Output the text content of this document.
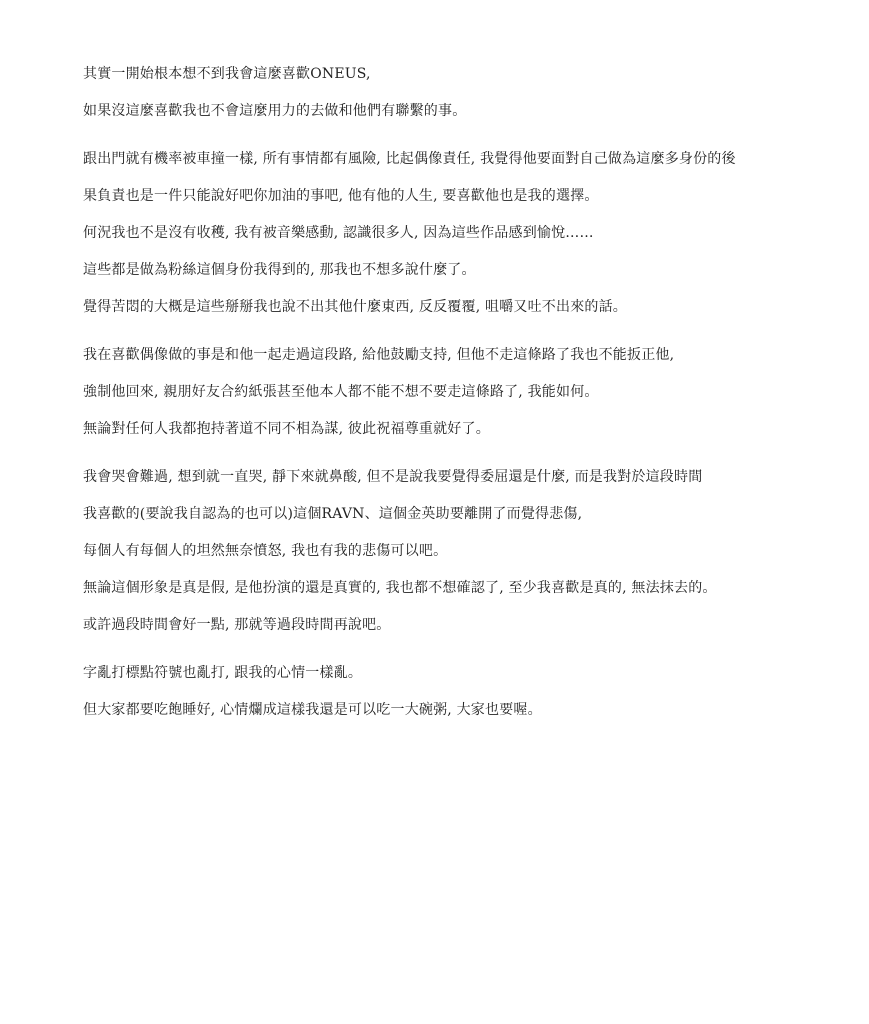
其實一開始根本想不到我會這麼喜歡ONEUS,
如果沒這麼喜歡我也不會這麼用力的去做和他們有聯繫的事。
跟出門就有機率被車撞一樣, 所有事情都有風險, 比起偶像責任, 我覺得他要面對自己做為這麼多身份的後
果負責也是一件只能說好吧你加油的事吧, 他有他的人生, 要喜歡他也是我的選擇。
何況我也不是沒有收穫, 我有被音樂感動, 認識很多人, 因為這些作品感到愉悅……
這些都是做為粉絲這個身份我得到的, 那我也不想多說什麼了。
覺得苦悶的大概是這些掰掰我也說不出其他什麼東西, 反反覆覆, 咀嚼又吐不出來的話。
我在喜歡偶像做的事是和他一起走過這段路, 給他鼓勵支持, 但他不走這條路了我也不能扳正他,
強制他回來, 親朋好友合約紙張甚至他本人都不能不想不要走這條路了, 我能如何。
無論對任何人我都抱持著道不同不相為謀, 彼此祝福尊重就好了。
我會哭會難過, 想到就一直哭, 靜下來就鼻酸, 但不是說我要覺得委屈還是什麼, 而是我對於這段時間
我喜歡的(要說我自認為的也可以)這個RAVN、這個金英助要離開了而覺得悲傷,
每個人有每個人的坦然無奈憤怒, 我也有我的悲傷可以吧。
無論這個形象是真是假, 是他扮演的還是真實的, 我也都不想確認了, 至少我喜歡是真的, 無法抹去的。
或許過段時間會好一點, 那就等過段時間再說吧。
字亂打標點符號也亂打, 跟我的心情一樣亂。
但大家都要吃飽睡好, 心情爛成這樣我還是可以吃一大碗粥, 大家也要喔。
